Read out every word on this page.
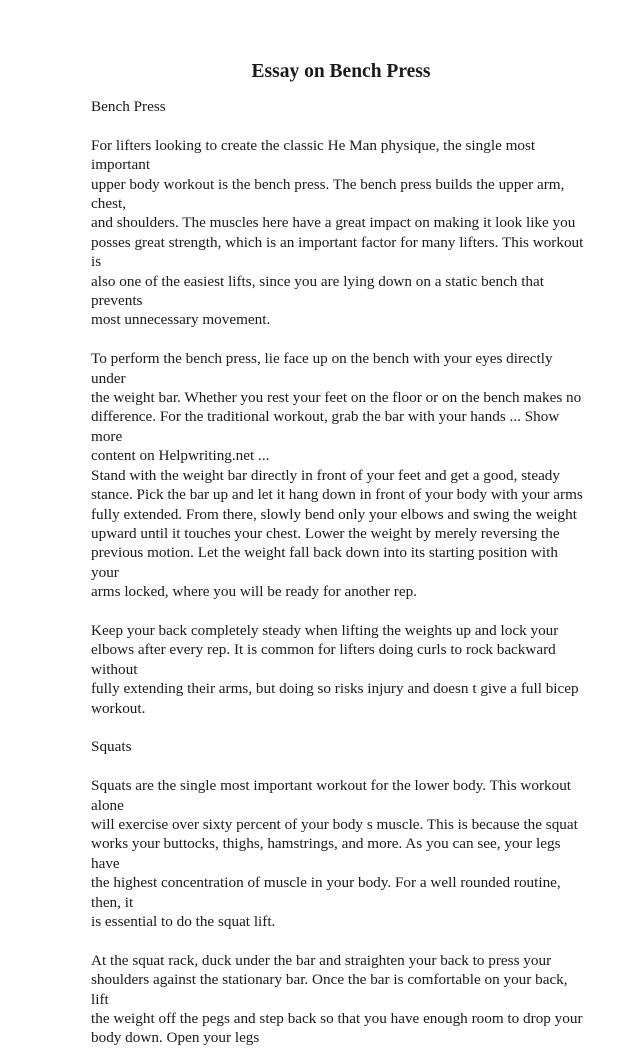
Essay on Bench Press

Bench Press

For lifters looking to create the classic He Man physique, the single most important
upper body workout is the bench press. The bench press builds the upper arm, chest,
and shoulders. The muscles here have a great impact on making it look like you
posses great strength, which is an important factor for many lifters. This workout is
also one of the easiest lifts, since you are lying down on a static bench that prevents
most unnecessary movement.

To perform the bench press, lie face up on the bench with your eyes directly under
the weight bar. Whether you rest your feet on the floor or on the bench makes no
difference. For the traditional workout, grab the bar with your hands ... Show more
content on Helpwriting.net ...

Stand with the weight bar directly in front of your feet and get a good, steady
stance. Pick the bar up and let it hang down in front of your body with your arms
fully extended. From there, slowly bend only your elbows and swing the weight
upward until it touches your chest. Lower the weight by merely reversing the
previous motion. Let the weight fall back down into its starting position with your
arms locked, where you will be ready for another rep.

Keep your back completely steady when lifting the weights up and lock your
elbows after every rep. It is common for lifters doing curls to rock backward without
fully extending their arms, but doing so risks injury and doesn t give a full bicep
workout.

Squats

Squats are the single most important workout for the lower body. This workout alone
will exercise over sixty percent of your body s muscle. This is because the squat
works your buttocks, thighs, hamstrings, and more. As you can see, your legs have
the highest concentration of muscle in your body. For a well rounded routine, then, it
is essential to do the squat lift.

At the squat rack, duck under the bar and straighten your back to press your
shoulders against the stationary bar. Once the bar is comfortable on your back, lift
the weight off the pegs and step back so that you have enough room to drop your
body down. Open your legs
